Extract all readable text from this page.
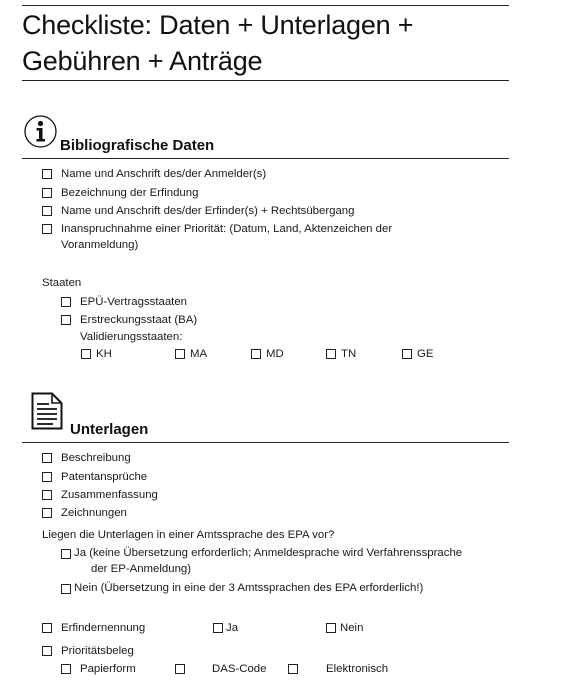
Checkliste: Daten + Unterlagen +
Gebühren + Anträge
Bibliografische Daten
Name und Anschrift des/der Anmelder(s)
Bezeichnung der Erfindung
Name und Anschrift des/der Erfinder(s) + Rechtsübergang
Inanspruchnahme einer Priorität: (Datum, Land, Aktenzeichen der
Voranmeldung)
Staaten
EPÜ-Vertragsstaaten
Erstreckungsstaat (BA)
Validierungsstaaten:
KH	MA	MD	TN	GE
Unterlagen
Beschreibung
Patentansprüche
Zusammenfassung
Zeichnungen
Liegen die Unterlagen in einer Amtssprache des EPA vor?
Ja (keine Übersetzung erforderlich; Anmeldesprache wird Verfahrenssprache
der EP-Anmeldung)
Nein (Übersetzung in eine der 3 Amtssprachen des EPA erforderlich!)
Erfindernennung	Ja	Nein
Prioritätsbeleg
Papierform	DAS-Code	Elektronisch
